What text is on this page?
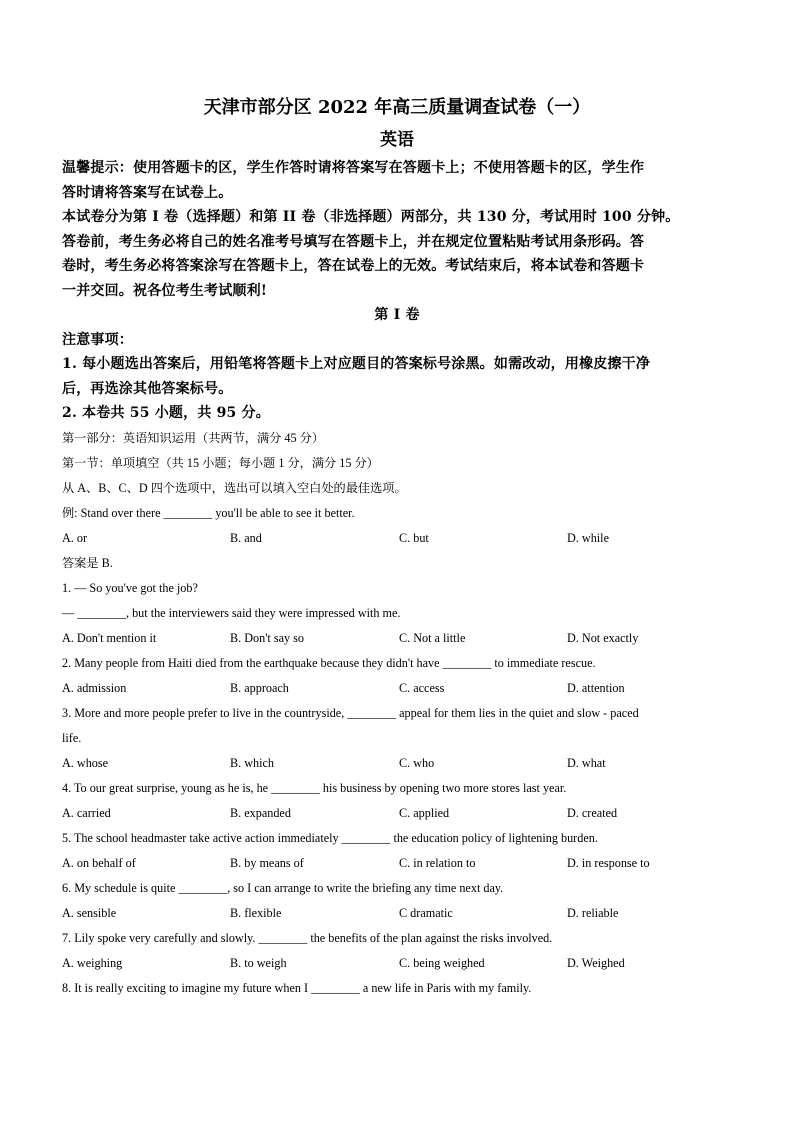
天津市部分区 2022 年高三质量调查试卷（一）

英语

温馨提示：使用答题卡的区，学生作答时请将答案写在答题卡上；不使用答题卡的区，学生作

答时请将答案写在试卷上。

本试卷分为第 I 卷（选择题）和第 II 卷（非选择题）两部分，共 130 分，考试用时 100 分钟。

答卷前，考生务必将自己的姓名准考号填写在答题卡上，并在规定位置粘贴考试用条形码。答

卷时，考生务必将答案涂写在答题卡上，答在试卷上的无效。考试结束后，将本试卷和答题卡

一并交回。祝各位考生考试顺利!

第 I 卷

注意事项：

1. 每小题选出答案后，用铅笔将答题卡上对应题目的答案标号涂黑。如需改动，用橡皮擦干净

后，再选涂其他答案标号。

2. 本卷共 55 小题，共 95 分。

第一部分：英语知识运用（共两节，满分 45 分）

第一节：单项填空（共 15 小题；每小题 1 分，满分 15 分）

从 A、B、C、D 四个选项中，选出可以填入空白处的最佳选项。

例: Stand over there ________ you'll be able to see it better.

A. or	B. and	C. but	D. while

答案是 B.

1. — So you've got the job?

— ________, but the interviewers said they were impressed with me.

A. Don't mention it	B. Don't say so	C. Not a little	D. Not exactly

2. Many people from Haiti died from the earthquake because they didn't have ________ to immediate rescue.

A. admission	B. approach	C. access	D. attention

3. More and more people prefer to live in the countryside, ________ appeal for them lies in the quiet and slow - paced

life.

A. whose	B. which	C. who	D. what

4. To our great surprise, young as he is, he ________ his business by opening two more stores last year.

A. carried	B. expanded	C. applied	D. created

5. The school headmaster take active action immediately ________ the education policy of lightening burden.

A. on behalf of	B. by means of	C. in relation to	D. in response to

6. My schedule is quite ________, so I can arrange to write the briefing any time next day.

A. sensible	B. flexible	C dramatic	D. reliable

7. Lily spoke very carefully and slowly. ________ the benefits of the plan against the risks involved.

A. weighing	B. to weigh	C. being weighed	D. Weighed

8. It is really exciting to imagine my future when I ________ a new life in Paris with my family.
